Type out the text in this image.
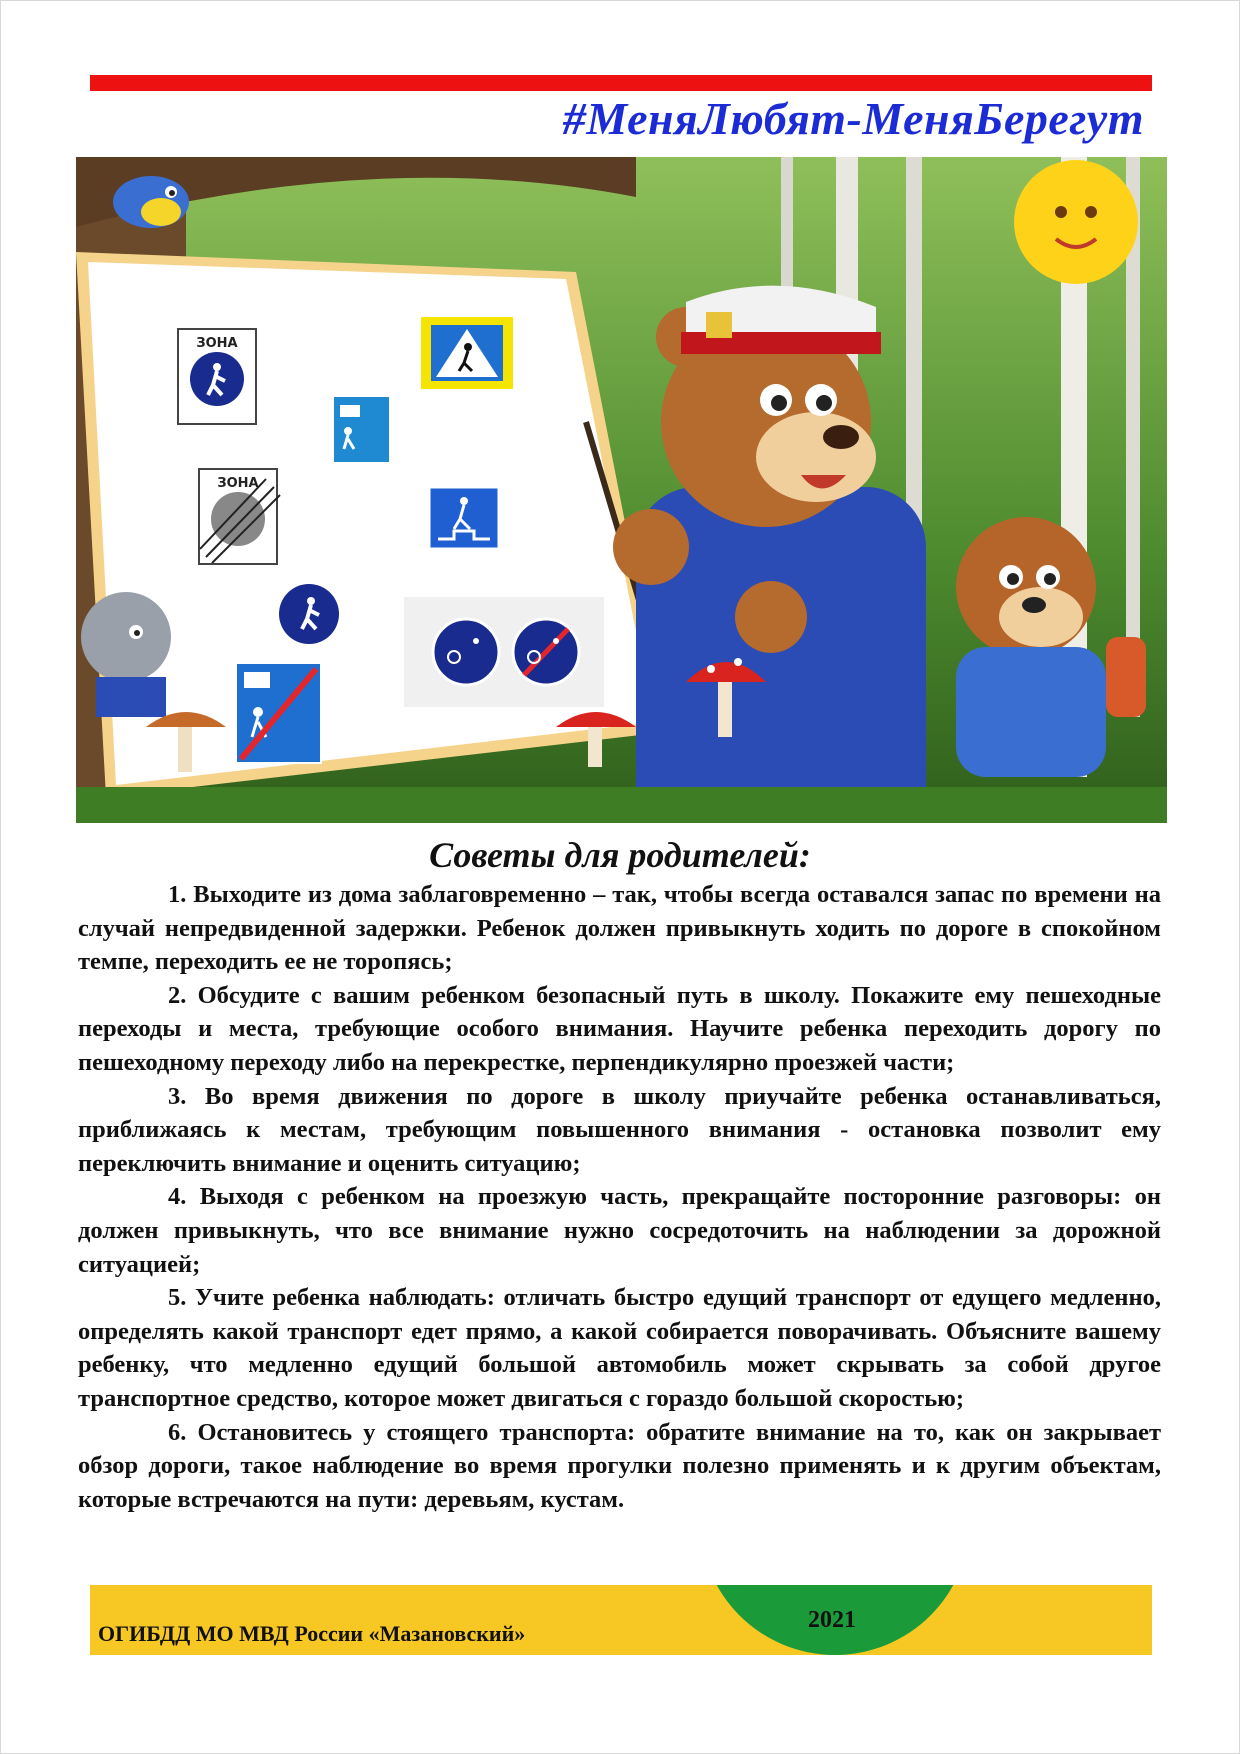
#МеняЛюбят-МеняБерегут
ЗОНА
ЗОНА
Советы для родителей:

1. Выходите из дома заблаговременно – так, чтобы всегда оставался запас по времени на случай непредвиденной задержки. Ребенок должен привыкнуть ходить по дороге в спокойном темпе, переходить ее не торопясь;

2. Обсудите с вашим ребенком безопасный путь в школу. Покажите ему пешеходные переходы и места, требующие особого внимания. Научите ребенка переходить дорогу по пешеходному переходу либо на перекрестке, перпендикулярно проезжей части;

3. Во время движения по дороге в школу приучайте ребенка останавливаться, приближаясь к местам, требующим повышенного внимания - остановка позволит ему переключить внимание и оценить ситуацию;

4. Выходя с ребенком на проезжую часть, прекращайте посторонние разговоры: он должен привыкнуть, что все внимание нужно сосредоточить на наблюдении за дорожной ситуацией;

5. Учите ребенка наблюдать: отличать быстро едущий транспорт от едущего медленно, определять какой транспорт едет прямо, а какой собирается поворачивать. Объясните вашему ребенку, что медленно едущий большой автомобиль может скрывать за собой другое транспортное средство, которое может двигаться с гораздо большой скоростью;

6. Остановитесь у стоящего транспорта: обратите внимание на то, как он закрывает обзор дороги, такое наблюдение во время прогулки полезно применять и к другим объектам, которые встречаются на пути: деревьям, кустам.

ОГИБДД МО МВД России «Мазановский»
2021
